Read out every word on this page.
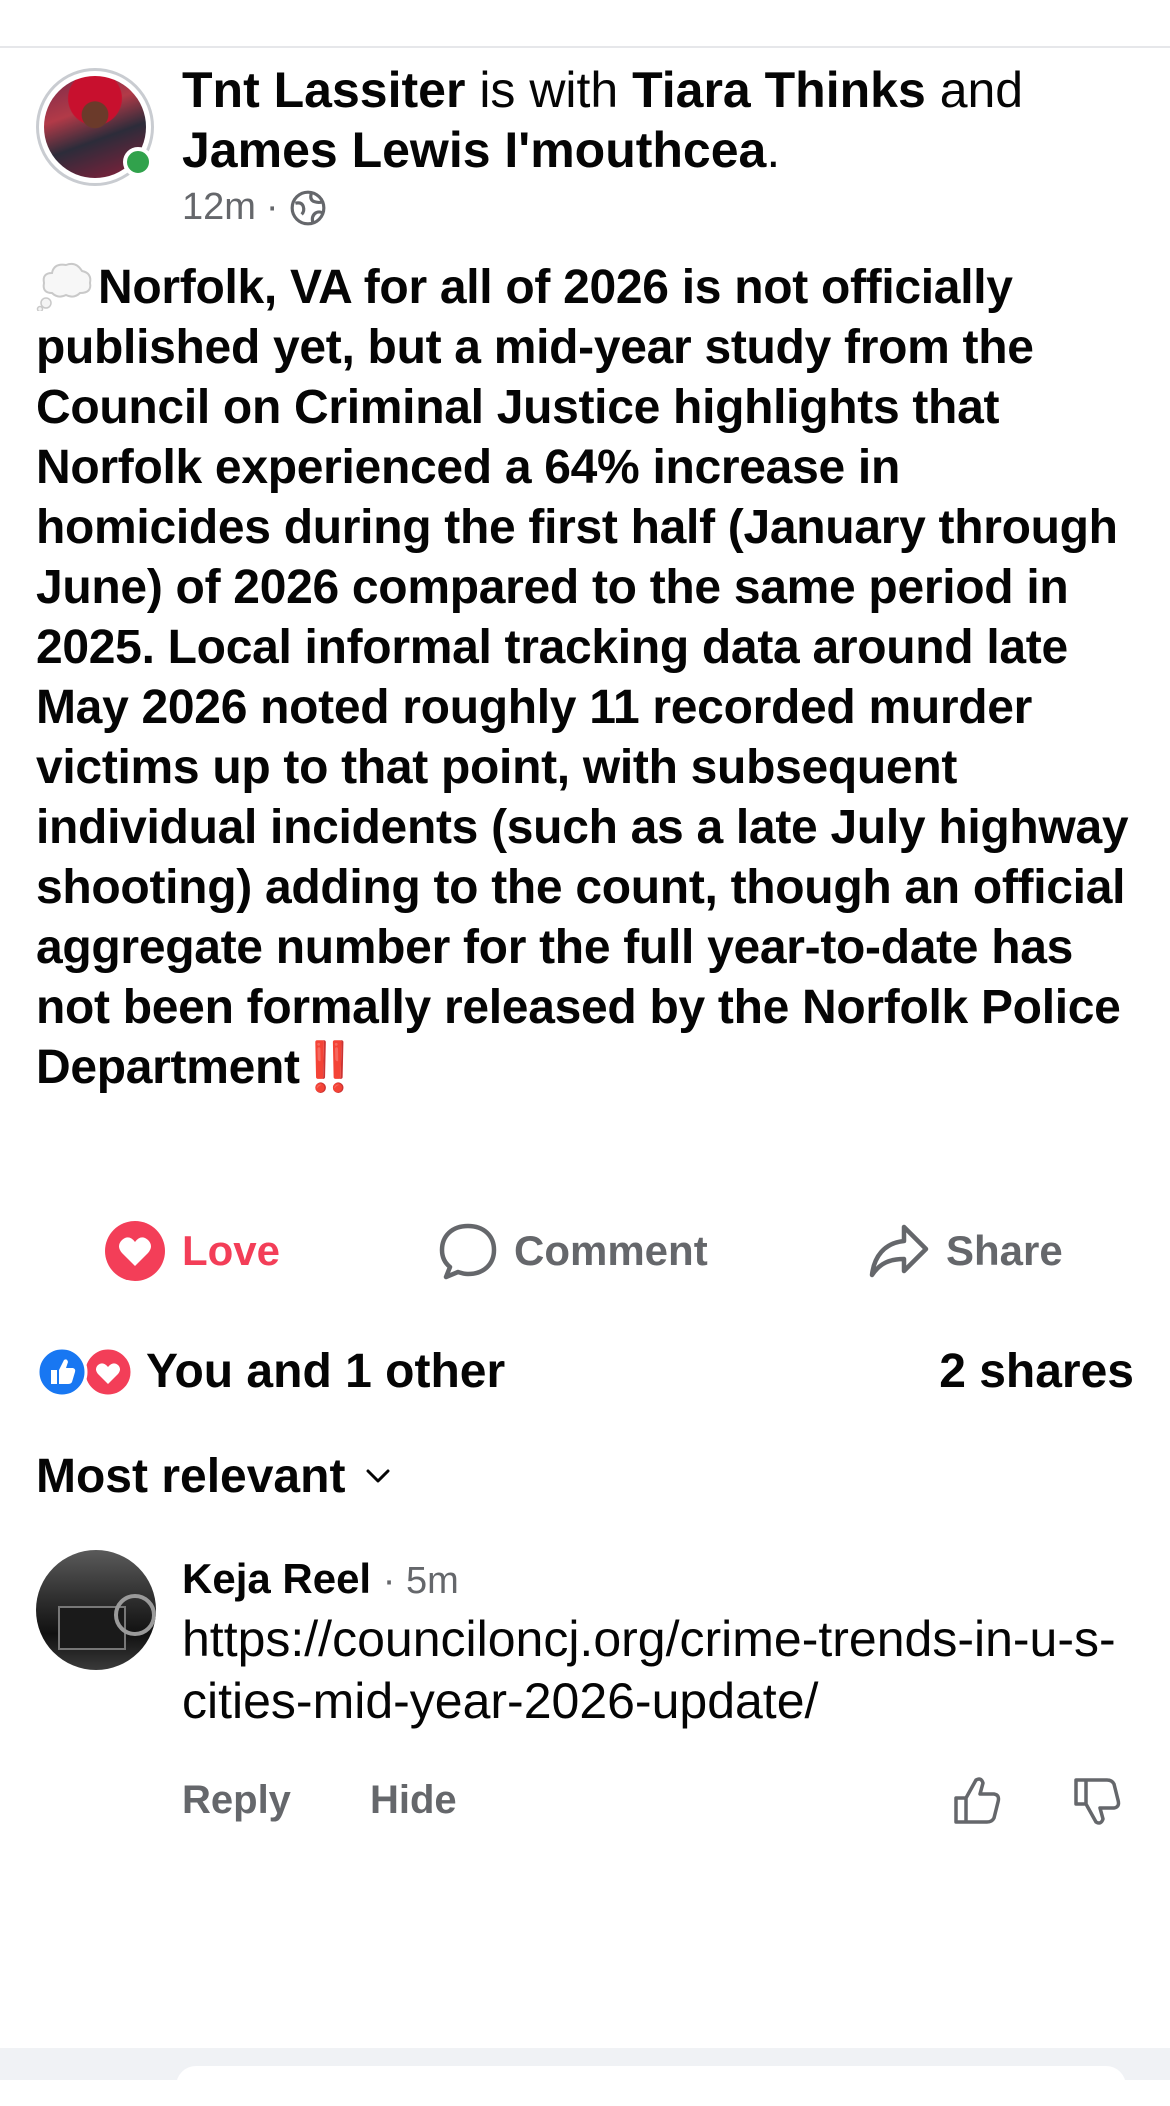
Tnt Lassiter is with Tiara Thinks and James Lewis I'mouthcea.
12m ·
Norfolk, VA for all of 2026 is not officially published yet, but a mid-year study from the Council on Criminal Justice highlights that Norfolk experienced a 64% increase in homicides during the first half (January through June) of 2026 compared to the same period in 2025. Local informal tracking data around late May 2026 noted roughly 11 recorded murder victims up to that point, with subsequent individual incidents (such as a late July highway shooting) adding to the count, though an official aggregate number for the full year-to-date has not been formally released by the Norfolk Police Department‼️
Love	Comment	Share
You and 1 other	2 shares
Most relevant
Keja Reel · 5m
https://counciloncj.org/crime-trends-in-u-s-cities-mid-year-2026-update/
Reply Hide
